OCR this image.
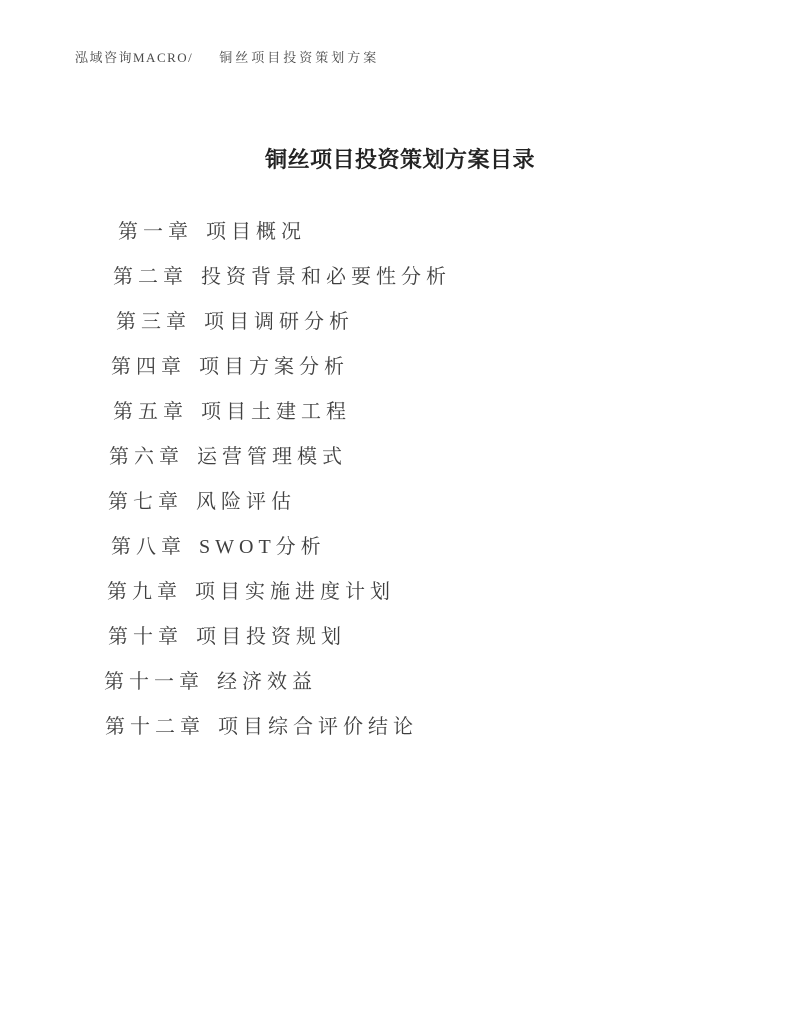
泓域咨询MACRO/ 铜丝项目投资策划方案
铜丝项目投资策划方案目录
第一章 项目概况
第二章 投资背景和必要性分析
第三章 项目调研分析
第四章 项目方案分析
第五章 项目土建工程
第六章 运营管理模式
第七章 风险评估
第八章 SWOT分析
第九章 项目实施进度计划
第十章 项目投资规划
第十一章 经济效益
第十二章 项目综合评价结论
